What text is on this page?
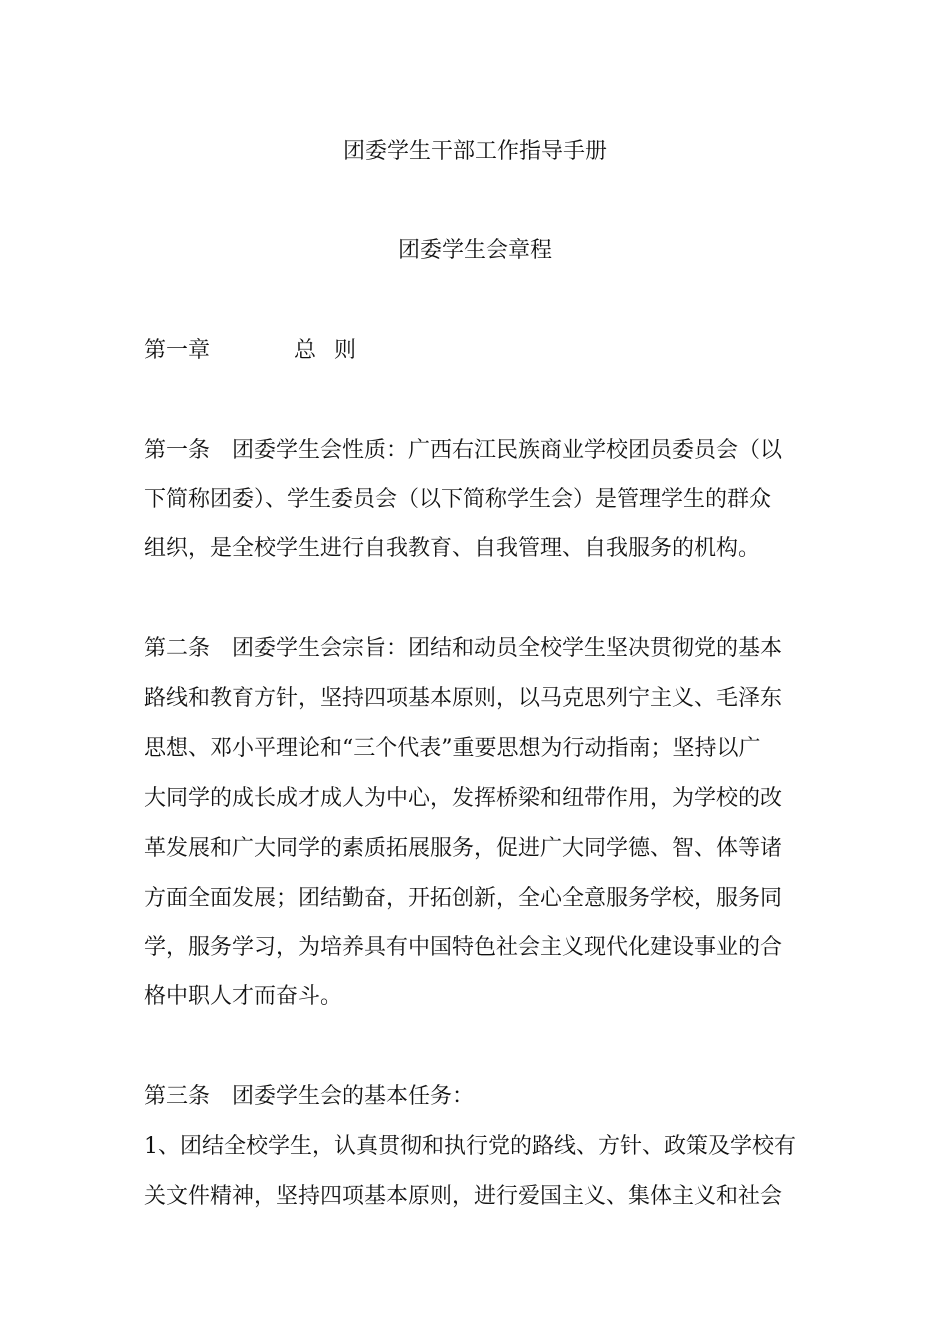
团委学生干部工作指导手册
团委学生会章程
第一章	总 则
第一条　团委学生会性质：广西右江民族商业学校团员委员会（以
下简称团委）、学生委员会（以下简称学生会）是管理学生的群众
组织，是全校学生进行自我教育、自我管理、自我服务的机构。
第二条　团委学生会宗旨：团结和动员全校学生坚决贯彻党的基本
路线和教育方针，坚持四项基本原则，以马克思列宁主义、毛泽东
思想、邓小平理论和“三个代表”重要思想为行动指南；坚持以广
大同学的成长成才成人为中心，发挥桥梁和纽带作用，为学校的改
革发展和广大同学的素质拓展服务，促进广大同学德、智、体等诸
方面全面发展；团结勤奋，开拓创新，全心全意服务学校，服务同
学，服务学习，为培养具有中国特色社会主义现代化建设事业的合
格中职人才而奋斗。
第三条　团委学生会的基本任务：
1、团结全校学生，认真贯彻和执行党的路线、方针、政策及学校有
关文件精神，坚持四项基本原则，进行爱国主义、集体主义和社会
